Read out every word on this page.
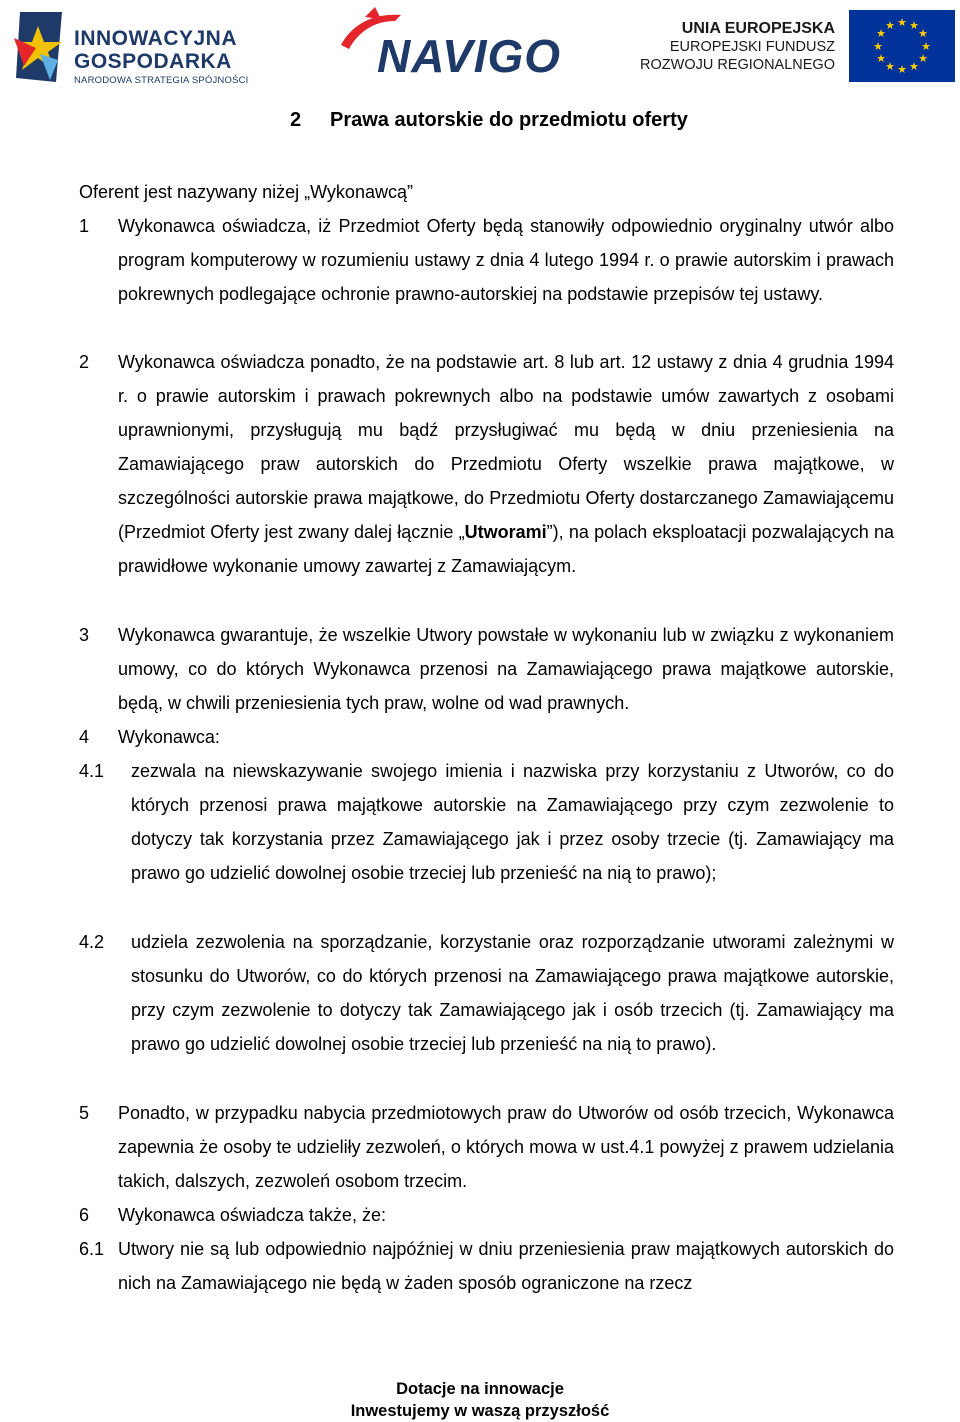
INNOWACYJNA
GOSPODARKA
NARODOWA STRATEGIA SPÓJNOŚCI	NAVIGO
UNIA EUROPEJSKA
EUROPEJSKI FUNDUSZ
ROZWOJU REGIONALNEGO
★ ★
★
★
★
★
★
★
★
★
★
★
2 Prawa autorskie do przedmiotu oferty
Oferent jest nazywany niżej „Wykonawcą”
1 Wykonawca oświadcza, iż Przedmiot Oferty będą stanowiły odpowiednio oryginalny utwór albo program komputerowy w rozumieniu ustawy z dnia 4 lutego 1994 r. o prawie autorskim i prawach pokrewnych podlegające ochronie prawno-autorskiej na podstawie przepisów tej ustawy.
2 Wykonawca oświadcza ponadto, że na podstawie art. 8 lub art. 12 ustawy z dnia 4 grudnia 1994 r. o prawie autorskim i prawach pokrewnych albo na podstawie umów zawartych z osobami uprawnionymi, przysługują mu bądź przysługiwać mu będą w dniu przeniesienia na Zamawiającego praw autorskich do Przedmiotu Oferty wszelkie prawa majątkowe, w szczególności autorskie prawa majątkowe, do Przedmiotu Oferty dostarczanego Zamawiającemu (Przedmiot Oferty jest zwany dalej łącznie „Utworami”), na polach eksploatacji pozwalających na prawidłowe wykonanie umowy zawartej z Zamawiającym.
3 Wykonawca gwarantuje, że wszelkie Utwory powstałe w wykonaniu lub w związku z wykonaniem umowy, co do których Wykonawca przenosi na Zamawiającego prawa majątkowe autorskie, będą, w chwili przeniesienia tych praw, wolne od wad prawnych.
4 Wykonawca:
4.1 zezwala na niewskazywanie swojego imienia i nazwiska przy korzystaniu z Utworów, co do których przenosi prawa majątkowe autorskie na Zamawiającego przy czym zezwolenie to dotyczy tak korzystania przez Zamawiającego jak i przez osoby trzecie (tj. Zamawiający ma prawo go udzielić dowolnej osobie trzeciej lub przenieść na nią to prawo);
4.2 udziela zezwolenia na sporządzanie, korzystanie oraz rozporządzanie utworami zależnymi w stosunku do Utworów, co do których przenosi na Zamawiającego prawa majątkowe autorskie, przy czym zezwolenie to dotyczy tak Zamawiającego jak i osób trzecich (tj. Zamawiający ma prawo go udzielić dowolnej osobie trzeciej lub przenieść na nią to prawo).
5 Ponadto, w przypadku nabycia przedmiotowych praw do Utworów od osób trzecich, Wykonawca zapewnia że osoby te udzieliły zezwoleń, o których mowa w ust.4.1 powyżej z prawem udzielania takich, dalszych, zezwoleń osobom trzecim.
6 Wykonawca oświadcza także, że:
6.1 Utwory nie są lub odpowiednio najpóźniej w dniu przeniesienia praw majątkowych autorskich do nich na Zamawiającego nie będą w żaden sposób ograniczone na rzecz
Dotacje na innowacje
Inwestujemy w waszą przyszłość
